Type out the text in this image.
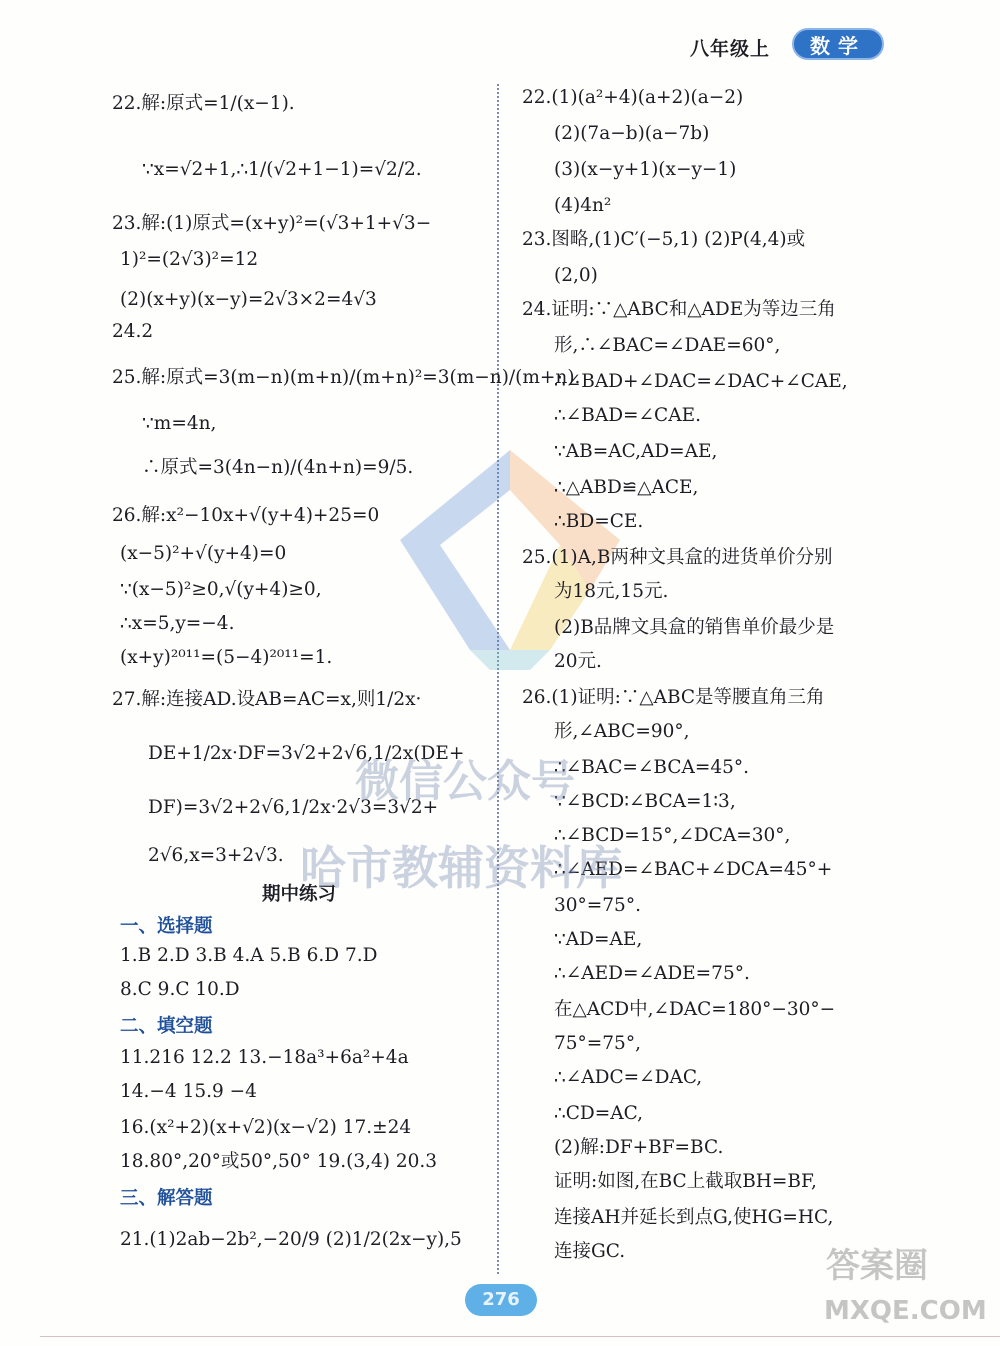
八年级上	数学
22.解:原式=1/(x−1).
∵x=√2+1,∴1/(√2+1−1)=√2/2.
23.解:(1)原式=(x+y)²=(√3+1+√3−
1)²=(2√3)²=12
(2)(x+y)(x−y)=2√3×2=4√3
24.2
25.解:原式=3(m−n)(m+n)/(m+n)²=3(m−n)/(m+n).
∵m=4n,
∴原式=3(4n−n)/(4n+n)=9/5.
26.解:x²−10x+√(y+4)+25=0
(x−5)²+√(y+4)=0
∵(x−5)²≥0,√(y+4)≥0,
∴x=5,y=−4.
(x+y)²⁰¹¹=(5−4)²⁰¹¹=1.
27.解:连接AD.设AB=AC=x,则1/2x·
DE+1/2x·DF=3√2+2√6,1/2x(DE+
DF)=3√2+2√6,1/2x·2√3=3√2+
2√6,x=3+2√3.
1.B 2.D 3.B 4.A 5.B 6.D 7.D
8.C 9.C 10.D
11.216 12.2 13.−18a³+6a²+4a
14.−4 15.9 −4
16.(x²+2)(x+√2)(x−√2) 17.±24
18.80°,20°或50°,50° 19.(3,4) 20.3
21.(1)2ab−2b²,−20/9 (2)1/2(2x−y),5
22.(1)(a²+4)(a+2)(a−2)
(2)(7a−b)(a−7b)
(3)(x−y+1)(x−y−1)
(4)4n²
23.图略,(1)C′(−5,1) (2)P(4,4)或
(2,0)
24.证明:∵△ABC和△ADE为等边三角
形,∴∠BAC=∠DAE=60°,
∴∠BAD+∠DAC=∠DAC+∠CAE,
∴∠BAD=∠CAE.
∵AB=AC,AD=AE,
∴△ABD≌△ACE,
∴BD=CE.
25.(1)A,B两种文具盒的进货单价分别
为18元,15元.
(2)B品牌文具盒的销售单价最少是
20元.
26.(1)证明:∵△ABC是等腰直角三角
形,∠ABC=90°,
∴∠BAC=∠BCA=45°.
∵∠BCD∶∠BCA=1∶3,
∴∠BCD=15°,∠DCA=30°,
∴∠AED=∠BAC+∠DCA=45°+
30°=75°.
∵AD=AE,
∴∠AED=∠ADE=75°.
在△ACD中,∠DAC=180°−30°−
75°=75°,
∴∠ADC=∠DAC,
∴CD=AC,
(2)解:DF+BF=BC.
证明:如图,在BC上截取BH=BF,
连接AH并延长到点G,使HG=HC,
连接GC.
期中练习
一、选择题
二、填空题
三、解答题
微信公众号
哈市教辅资料库
276
答案圈
MXQE.COM
